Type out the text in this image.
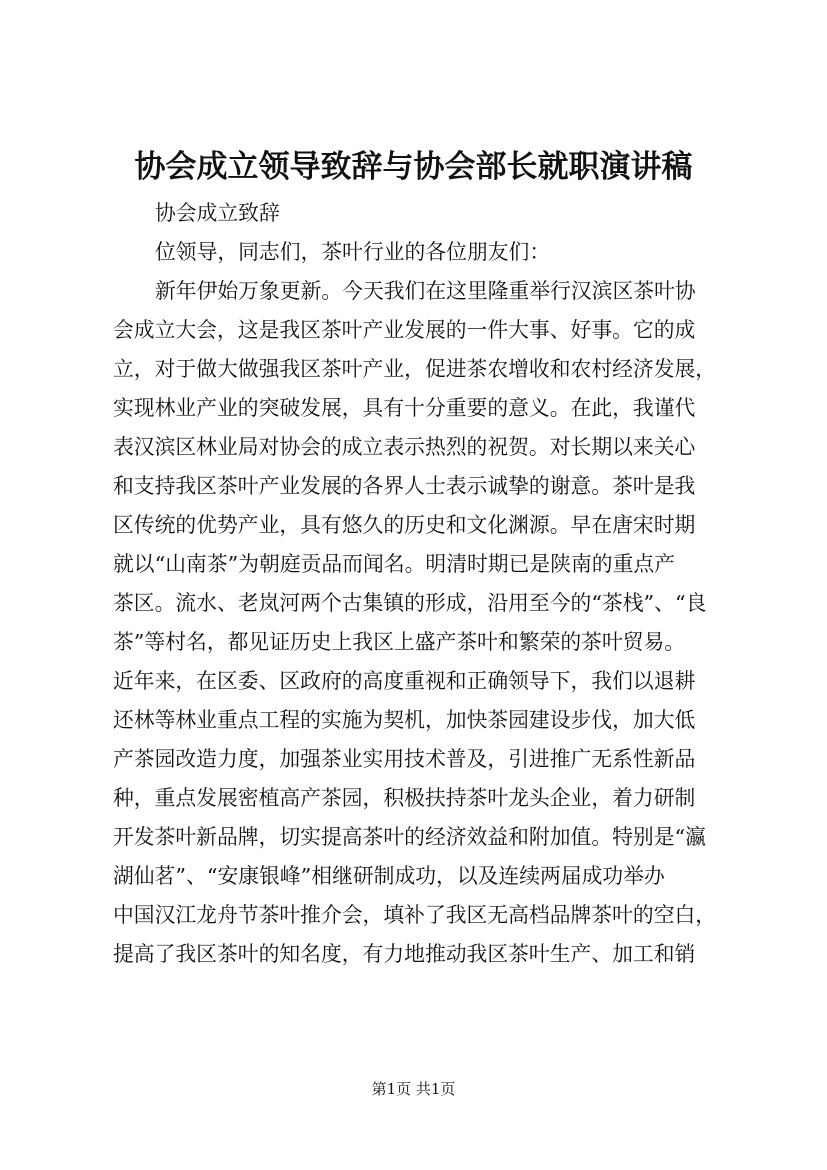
协会成立领导致辞与协会部长就职演讲稿
协会成立致辞
位领导，同志们，茶叶行业的各位朋友们：
新年伊始万象更新。今天我们在这里隆重举行汉滨区茶叶协
会成立大会，这是我区茶叶产业发展的一件大事、好事。它的成
立，对于做大做强我区茶叶产业，促进茶农增收和农村经济发展，
实现林业产业的突破发展，具有十分重要的意义。在此，我谨代
表汉滨区林业局对协会的成立表示热烈的祝贺。对长期以来关心
和支持我区茶叶产业发展的各界人士表示诚挚的谢意。茶叶是我
区传统的优势产业，具有悠久的历史和文化渊源。早在唐宋时期
就以“山南茶”为朝庭贡品而闻名。明清时期已是陕南的重点产
茶区。流水、老岚河两个古集镇的形成，沿用至今的“茶栈”、“良
茶”等村名，都见证历史上我区上盛产茶叶和繁荣的茶叶贸易。
近年来，在区委、区政府的高度重视和正确领导下，我们以退耕
还林等林业重点工程的实施为契机，加快茶园建设步伐，加大低
产茶园改造力度，加强茶业实用技术普及，引进推广无系性新品
种，重点发展密植高产茶园，积极扶持茶叶龙头企业，着力研制
开发茶叶新品牌，切实提高茶叶的经济效益和附加值。特别是“瀛
湖仙茗”、“安康银峰”相继研制成功，以及连续两届成功举办
中国汉江龙舟节茶叶推介会，填补了我区无高档品牌茶叶的空白，
提高了我区茶叶的知名度，有力地推动我区茶叶生产、加工和销
第1页 共1页
